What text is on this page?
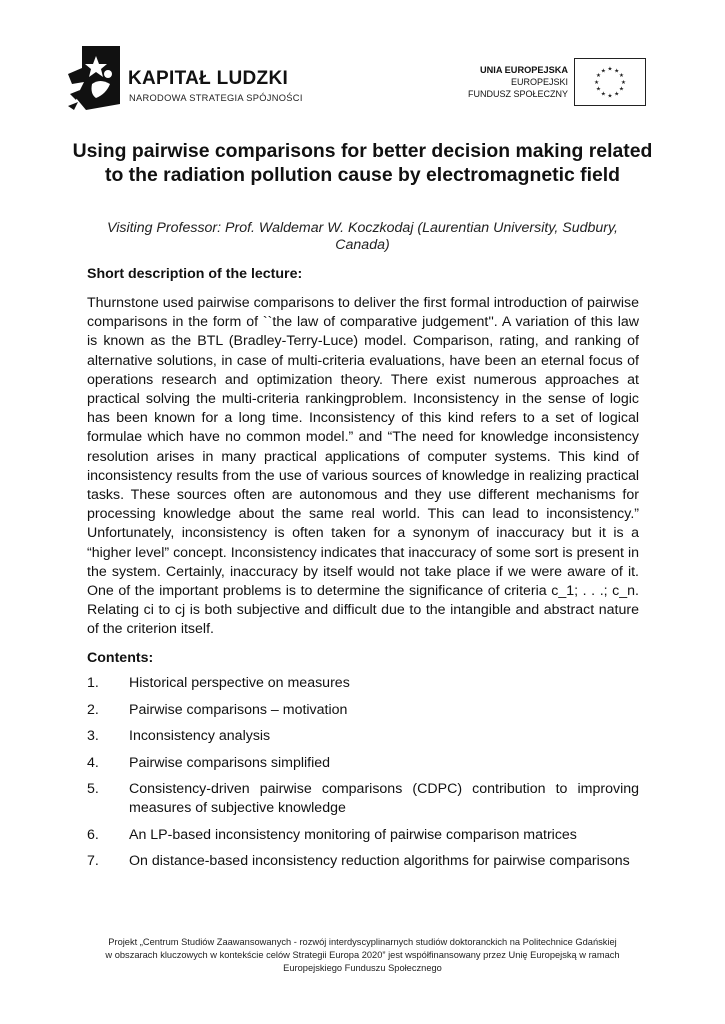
KAPITAŁ LUDZKI
NARODOWA STRATEGIA SPÓJNOŚCI
UNIA EUROPEJSKA
EUROPEJSKI
FUNDUSZ SPOŁECZNY
★ ★
★
★
★
★
★
★
★
★
★
★
Using pairwise comparisons for better decision making related to the radiation pollution cause by electromagnetic field
Visiting Professor: Prof. Waldemar W. Koczkodaj (Laurentian University, Sudbury, Canada)
Short description of the lecture:
Thurnstone used pairwise comparisons to deliver the first formal introduction of pairwise comparisons in the form of ``the law of comparative judgement''. A variation of this law is known as the BTL (Bradley-Terry-Luce) model. Comparison, rating, and ranking of alternative solutions, in case of multi-criteria evaluations, have been an eternal focus of operations research and optimization theory. There exist numerous approaches at practical solving the multi-criteria rankingproblem. Inconsistency in the sense of logic has been known for a long time. Inconsistency of this kind refers to a set of logical formulae which have no common model.” and “The need for knowledge inconsistency resolution arises in many practical applications of computer systems. This kind of inconsistency results from the use of various sources of knowledge in realizing practical tasks. These sources often are autonomous and they use different mechanisms for processing knowledge about the same real world. This can lead to inconsistency.” Unfortunately, inconsistency is often taken for a synonym of inaccuracy but it is a “higher level” concept. Inconsistency indicates that inaccuracy of some sort is present in the system. Certainly, inaccuracy by itself would not take place if we were aware of it. One of the important problems is to determine the significance of criteria c_1; . . .; c_n. Relating ci to cj is both subjective and difficult due to the intangible and abstract nature of the criterion itself.
Contents:
1.	Historical perspective on measures
2.	Pairwise comparisons – motivation
3.	Inconsistency analysis
4.	Pairwise comparisons simplified
5.	Consistency-driven pairwise comparisons (CDPC) contribution to improving measures of subjective knowledge
6.	An LP-based inconsistency monitoring of pairwise comparison matrices
7.	On distance-based inconsistency reduction algorithms for pairwise comparisons
Projekt „Centrum Studiów Zaawansowanych - rozwój interdyscyplinarnych studiów doktoranckich na Politechnice Gdańskiej
w obszarach kluczowych w kontekście celów Strategii Europa 2020” jest współfinansowany przez Unię Europejską w ramach
Europejskiego Funduszu Społecznego
